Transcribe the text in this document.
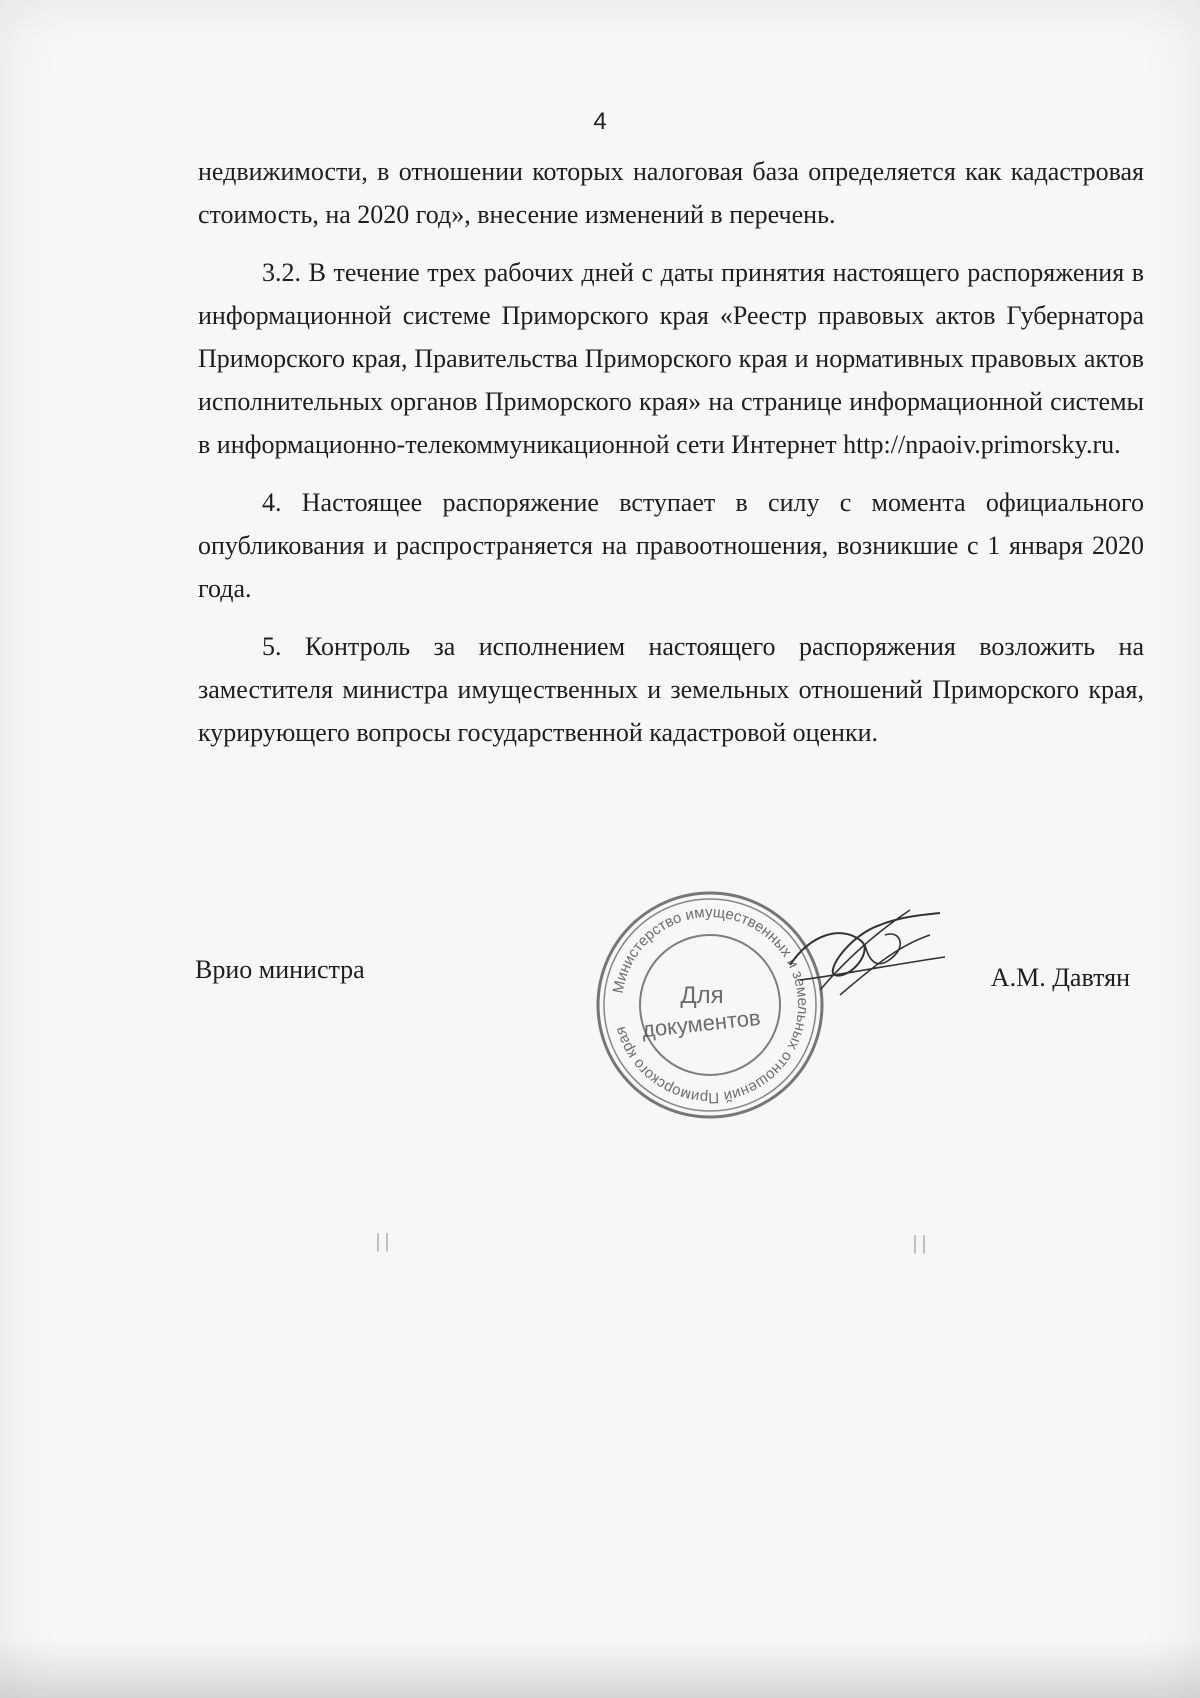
4

недвижимости, в отношении которых налоговая база определяется как кадастровая стоимость, на 2020 год», внесение изменений в перечень.

3.2. В течение трех рабочих дней с даты принятия настоящего распоряжения в информационной системе Приморского края «Реестр правовых актов Губернатора Приморского края, Правительства Приморского края и нормативных правовых актов исполнительных органов Приморского края» на странице информационной системы в информационно-телекоммуникационной сети Интернет http://npaoiv.primorsky.ru.

4. Настоящее распоряжение вступает в силу с момента официального опубликования и распространяется на правоотношения, возникшие с 1 января 2020 года.

5. Контроль за исполнением настоящего распоряжения возложить на заместителя министра имущественных и земельных отношений Приморского края, курирующего вопросы государственной кадастровой оценки.

Врио министра	А.М. Давтян
Министерство имущественных и земельных отношений Приморского края
Для
документов
| |	| |
